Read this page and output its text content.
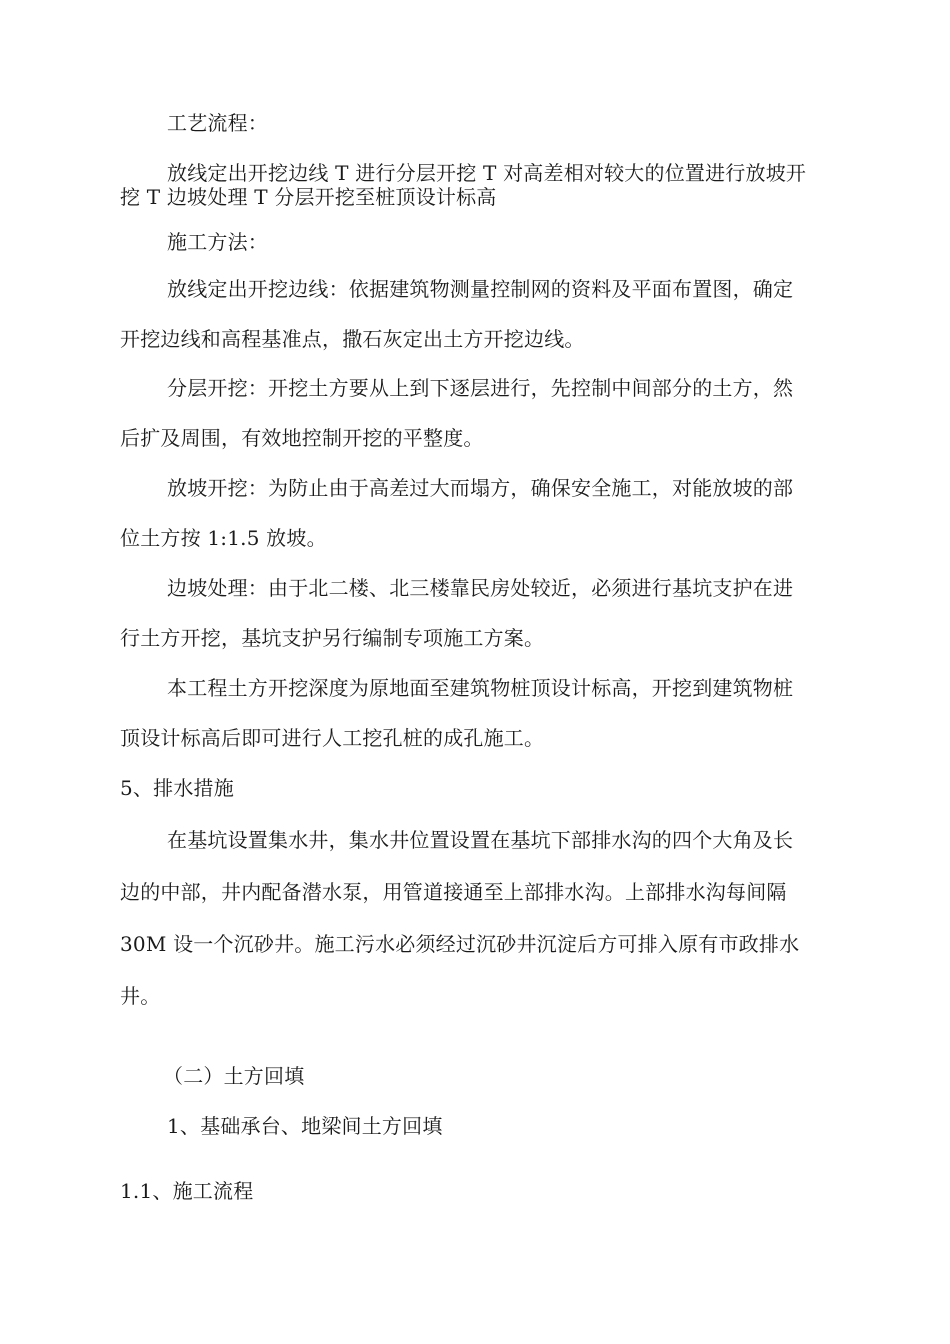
工艺流程：
放线定出开挖边线 T 进行分层开挖 T 对高差相对较大的位置进行放坡开
挖 T 边坡处理 T 分层开挖至桩顶设计标高
施工方法：
放线定出开挖边线：依据建筑物测量控制网的资料及平面布置图，确定
开挖边线和高程基准点，撒石灰定出土方开挖边线。
分层开挖：开挖土方要从上到下逐层进行，先控制中间部分的土方，然
后扩及周围，有效地控制开挖的平整度。
放坡开挖：为防止由于高差过大而塌方，确保安全施工，对能放坡的部
位土方按 1:1.5 放坡。
边坡处理：由于北二楼、北三楼靠民房处较近，必须进行基坑支护在进
行土方开挖，基坑支护另行编制专项施工方案。
本工程土方开挖深度为原地面至建筑物桩顶设计标高，开挖到建筑物桩
顶设计标高后即可进行人工挖孔桩的成孔施工。
5、排水措施
在基坑设置集水井，集水井位置设置在基坑下部排水沟的四个大角及长
边的中部，井内配备潜水泵，用管道接通至上部排水沟。上部排水沟每间隔
30M 设一个沉砂井。施工污水必须经过沉砂井沉淀后方可排入原有市政排水
井。
（二）土方回填
1、基础承台、地梁间土方回填
1.1、施工流程
